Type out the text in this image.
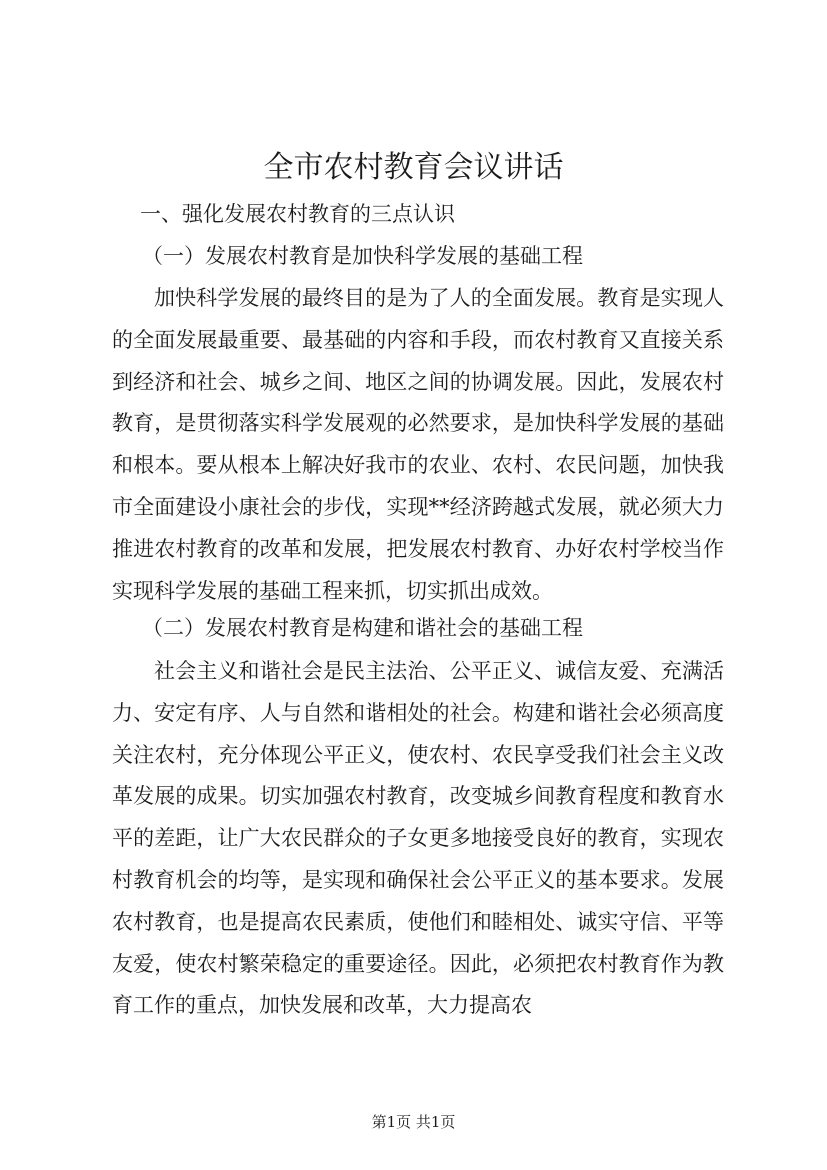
全市农村教育会议讲话
一、强化发展农村教育的三点认识
（一）发展农村教育是加快科学发展的基础工程

加快科学发展的最终目的是为了人的全面发展。教育是实现人的全面发展最重要、最基础的内容和手段，而农村教育又直接关系到经济和社会、城乡之间、地区之间的协调发展。因此，发展农村教育，是贯彻落实科学发展观的必然要求，是加快科学发展的基础和根本。要从根本上解决好我市的农业、农村、农民问题，加快我市全面建设小康社会的步伐，实现**经济跨越式发展，就必须大力推进农村教育的改革和发展，把发展农村教育、办好农村学校当作实现科学发展的基础工程来抓，切实抓出成效。

（二）发展农村教育是构建和谐社会的基础工程

社会主义和谐社会是民主法治、公平正义、诚信友爱、充满活力、安定有序、人与自然和谐相处的社会。构建和谐社会必须高度关注农村，充分体现公平正义，使农村、农民享受我们社会主义改革发展的成果。切实加强农村教育，改变城乡间教育程度和教育水平的差距，让广大农民群众的子女更多地接受良好的教育，实现农村教育机会的均等，是实现和确保社会公平正义的基本要求。发展农村教育，也是提高农民素质，使他们和睦相处、诚实守信、平等友爱，使农村繁荣稳定的重要途径。因此，必须把农村教育作为教育工作的重点，加快发展和改革，大力提高农

第1页 共1页
